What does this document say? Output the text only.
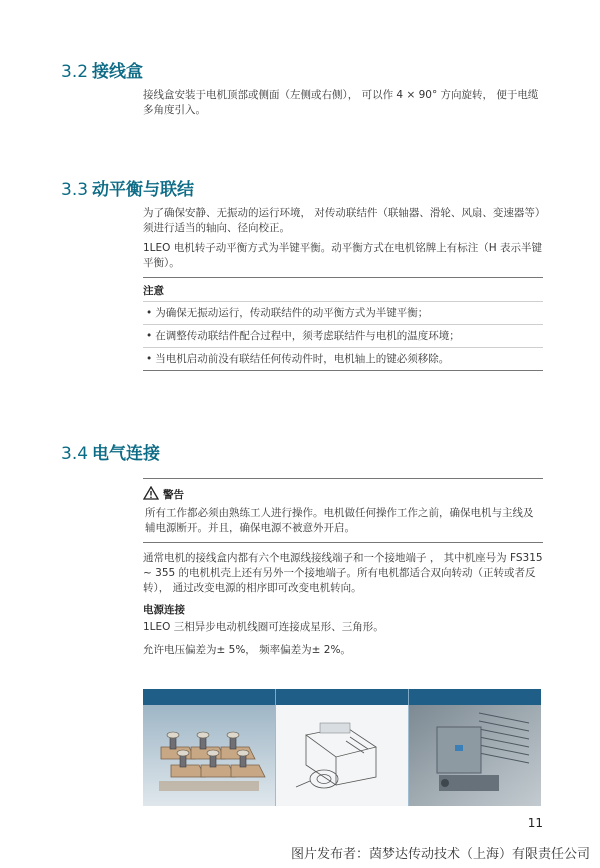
3.2 接线盒

接线盒安装于电机顶部或侧面（左侧或右侧）， 可以作 4 × 90° 方向旋转， 便于电缆多角度引入。

3.3 动平衡与联结

为了确保安静、无振动的运行环境， 对传动联结件（联轴器、滑轮、风扇、变速器等）须进行适当的轴向、径向校正。

1LEO 电机转子动平衡方式为半键平衡。动平衡方式在电机铭牌上有标注（H 表示半键平衡）。

注意
• 为确保无振动运行，传动联结件的动平衡方式为半键平衡；
• 在调整传动联结件配合过程中，须考虑联结件与电机的温度环境；
• 当电机启动前没有联结任何传动件时，电机轴上的键必须移除。
3.4 电气连接
警告
所有工作都必须由熟练工人进行操作。电机做任何操作工作之前，确保电机与主线及辅电源断开。并且，确保电源不被意外开启。

通常电机的接线盒内都有六个电源线接线端子和一个接地端子 ， 其中机座号为 FS315 ~ 355 的电机机壳上还有另外一个接地端子。所有电机都适合双向转动（正转或者反转）， 通过改变电源的相序即可改变电机转向。

电源连接

1LEO 三相异步电动机线圈可连接成星形、三角形。

允许电压偏差为± 5%， 频率偏差为± 2%。

11
图片发布者：茵梦达传动技术（上海）有限责任公司
